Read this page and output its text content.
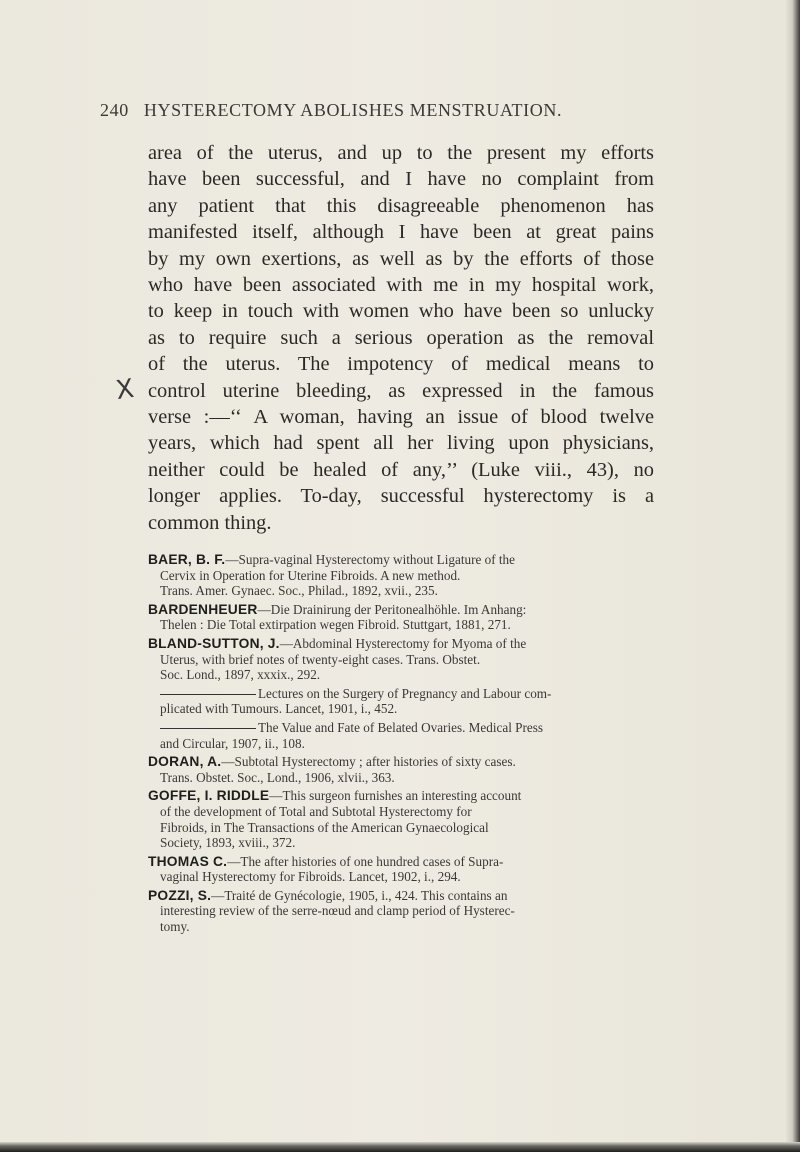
240 HYSTERECTOMY ABOLISHES MENSTRUATION.
X
area of the uterus, and up to the present my efforts
have been successful, and I have no complaint from
any patient that this disagreeable phenomenon has
manifested itself, although I have been at great pains
by my own exertions, as well as by the efforts of those
who have been associated with me in my hospital work,
to keep in touch with women who have been so unlucky
as to require such a serious operation as the removal
of the uterus. The impotency of medical means to
control uterine bleeding, as expressed in the famous
verse :—‘‘ A woman, having an issue of blood twelve
years, which had spent all her living upon physicians,
neither could be healed of any,’’ (Luke viii., 43), no
longer applies. To-day, successful hysterectomy is a
common thing.
BAER, B. F.—Supra-vaginal Hysterectomy without Ligature of the
Cervix in Operation for Uterine Fibroids. A new method.
Trans. Amer. Gynaec. Soc., Philad., 1892, xvii., 235.
BARDENHEUER—Die Drainirung der Peritonealhöhle. Im Anhang:
Thelen : Die Total extirpation wegen Fibroid. Stuttgart, 1881, 271.
BLAND-SUTTON, J.—Abdominal Hysterectomy for Myoma of the
Uterus, with brief notes of twenty-eight cases. Trans. Obstet.
Soc. Lond., 1897, xxxix., 292.
Lectures on the Surgery of Pregnancy and Labour com-
plicated with Tumours. Lancet, 1901, i., 452.
The Value and Fate of Belated Ovaries. Medical Press
and Circular, 1907, ii., 108.
DORAN, A.—Subtotal Hysterectomy ; after histories of sixty cases.
Trans. Obstet. Soc., Lond., 1906, xlvii., 363.
GOFFE, I. RIDDLE—This surgeon furnishes an interesting account
of the development of Total and Subtotal Hysterectomy for
Fibroids, in The Transactions of the American Gynaecological
Society, 1893, xviii., 372.
THOMAS C.—The after histories of one hundred cases of Supra-
vaginal Hysterectomy for Fibroids. Lancet, 1902, i., 294.
POZZI, S.—Traité de Gynécologie, 1905, i., 424. This contains an
interesting review of the serre-nœud and clamp period of Hysterec-
tomy.
